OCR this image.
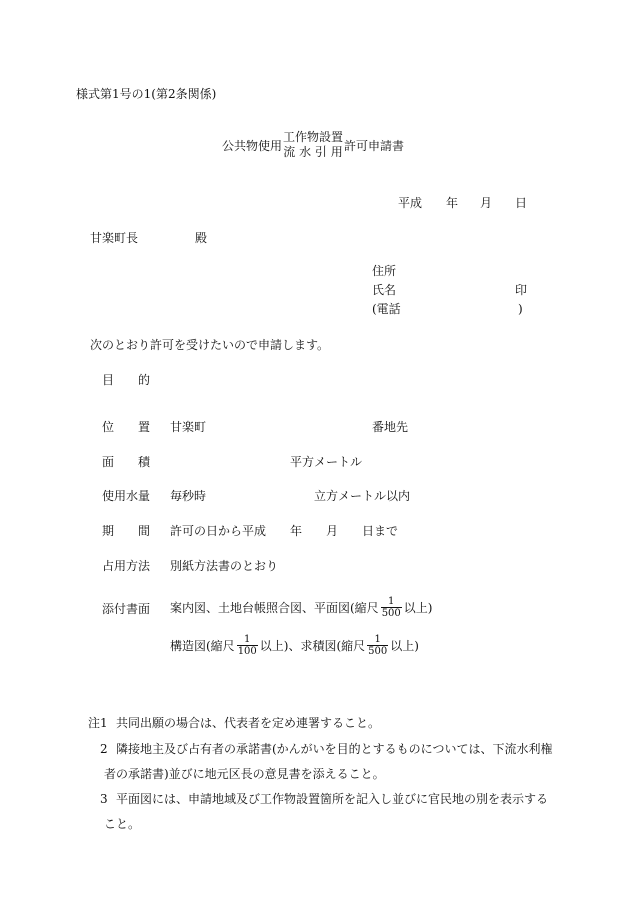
様式第1号の1(第2条関係)
公共物使用
工作物設置
流 水 引 用 許可申請書
平成 年 月 日
甘楽町長	殿
住所
氏名	印
(電話	)
次のとおり許可を受けたいので申請します。
目　　的
位　　置 甘楽町	番地先
面　　積	平方メートル
使用水量 毎秒時	立方メートル以内
期　　間 許可の日から平成 年 月 日まで
占用方法 別紙方法書のとおり
添付書面 案内図、土地台帳照合図、平面図(縮尺 $\frac{1}{500}$ 以上)
構造図(縮尺 $\frac{1}{100}$ 以上)、求積図(縮尺 $\frac{1}{500}$ 以上)
注1 共同出願の場合は、代表者を定め連署すること。
2 隣接地主及び占有者の承諾書(かんがいを目的とするものについては、下流水利権
者の承諾書)並びに地元区長の意見書を添えること。
3 平面図には、申請地域及び工作物設置箇所を記入し並びに官民地の別を表示する
こと。
